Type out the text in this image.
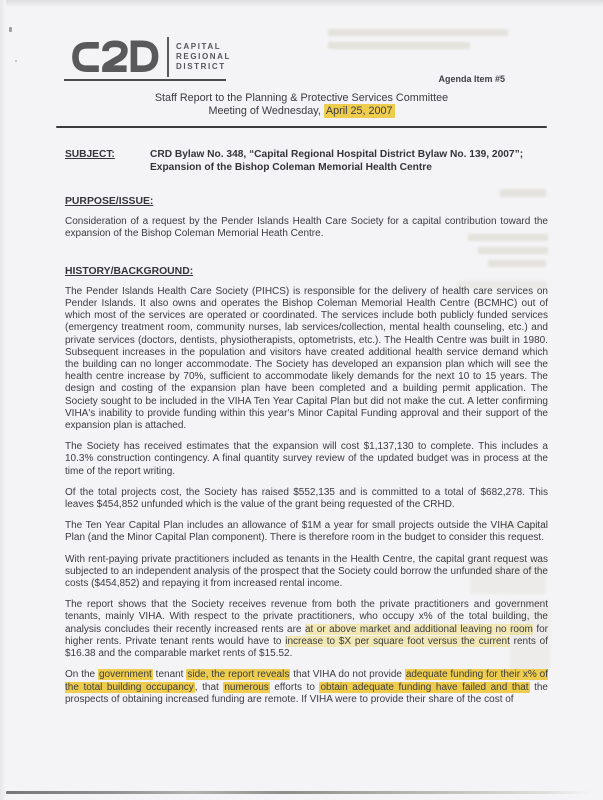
CAPITAL
REGIONAL
DISTRICT
Agenda Item #5
Staff Report to the Planning & Protective Services Committee
Meeting of Wednesday, April 25, 2007
SUBJECT:	CRD Bylaw No. 348, “Capital Regional Hospital District Bylaw No. 139, 2007”;
Expansion of the Bishop Coleman Memorial Health Centre

PURPOSE/ISSUE:

Consideration of a request by the Pender Islands Health Care Society for a capital contribution toward the expansion of the Bishop Coleman Memorial Heath Centre.

HISTORY/BACKGROUND:

The Pender Islands Health Care Society (PIHCS) is responsible for the delivery of health care services on Pender Islands. It also owns and operates the Bishop Coleman Memorial Health Centre (BCMHC) out of which most of the services are operated or coordinated. The services include both publicly funded services (emergency treatment room, community nurses, lab services/collection, mental health counseling, etc.) and private services (doctors, dentists, physiotherapists, optometrists, etc.). The Health Centre was built in 1980. Subsequent increases in the population and visitors have created additional health service demand which the building can no longer accommodate. The Society has developed an expansion plan which will see the health centre increase by 70%, sufficient to accommodate likely demands for the next 10 to 15 years. The design and costing of the expansion plan have been completed and a building permit application. The Society sought to be included in the VIHA Ten Year Capital Plan but did not make the cut. A letter confirming VIHA's inability to provide funding within this year's Minor Capital Funding approval and their support of the expansion plan is attached.

The Society has received estimates that the expansion will cost $1,137,130 to complete. This includes a 10.3% construction contingency. A final quantity survey review of the updated budget was in process at the time of the report writing.

Of the total projects cost, the Society has raised $552,135 and is committed to a total of $682,278. This leaves $454,852 unfunded which is the value of the grant being requested of the CRHD.

The Ten Year Capital Plan includes an allowance of $1M a year for small projects outside the VIHA Capital Plan (and the Minor Capital Plan component). There is therefore room in the budget to consider this request.

With rent-paying private practitioners included as tenants in the Health Centre, the capital grant request was subjected to an independent analysis of the prospect that the Society could borrow the unfunded share of the costs ($454,852) and repaying it from increased rental income.

The report shows that the Society receives revenue from both the private practitioners and government tenants, mainly VIHA. With respect to the private practitioners, who occupy x% of the total building, the analysis concludes their recently increased rents are at or above market and additional leaving no room for higher rents. Private tenant rents would have to increase to $X per square foot versus the current rents of $16.38 and the comparable market rents of $15.52.

On the government tenant side, the report reveals that VIHA do not provide adequate funding for their x% of the total building occupancy, that numerous efforts to obtain adequate funding have failed and that the prospects of obtaining increased funding are remote. If VIHA were to provide their share of the cost of
